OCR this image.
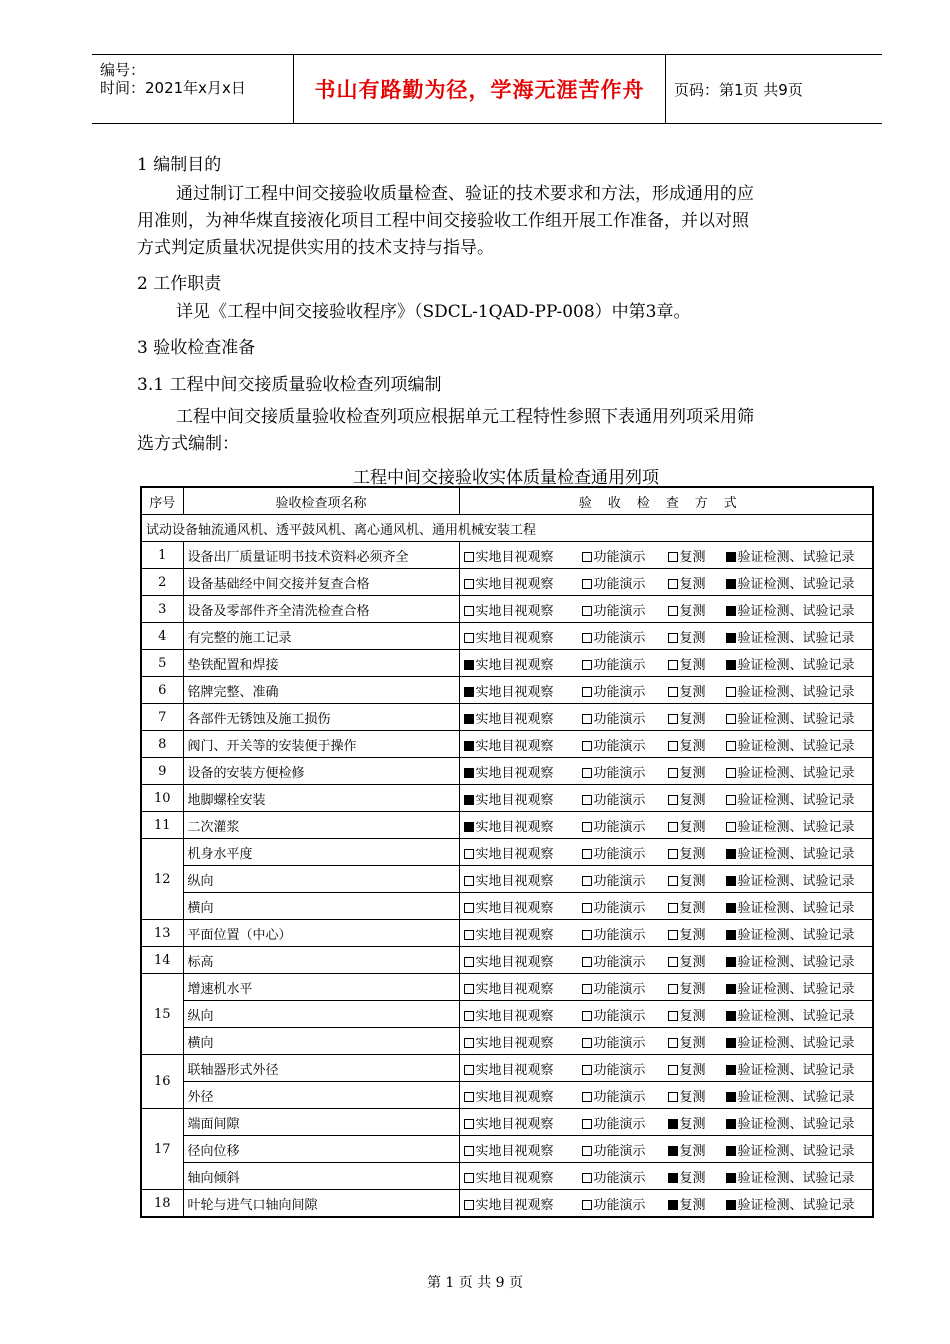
编号：
时间：2021年x月x日	书山有路勤为径，学海无涯苦作舟	页码：第1页 共9页
1 编制目的
通过制订工程中间交接验收质量检查、验证的技术要求和方法，形成通用的应
用准则，为神华煤直接液化项目工程中间交接验收工作组开展工作准备，并以对照
方式判定质量状况提供实用的技术支持与指导。
2 工作职责
详见《工程中间交接验收程序》（SDCL-1QAD-PP-008）中第3章。
3 验收检查准备
3.1 工程中间交接质量验收检查列项编制
工程中间交接质量验收检查列项应根据单元工程特性参照下表通用列项采用筛
选方式编制：
工程中间交接验收实体质量检查通用列项
序号	验收检查项名称	验收检查方式
试动设备轴流通风机、透平鼓风机、离心通风机、通用机械安装工程		
1	设备出厂质量证明书技术资料必须齐全	实地目视观察 功能演示 复测 验证检测、试验记录
2	设备基础经中间交接并复查合格	实地目视观察 功能演示 复测 验证检测、试验记录
3	设备及零部件齐全清洗检查合格	实地目视观察 功能演示 复测 验证检测、试验记录
4	有完整的施工记录	实地目视观察 功能演示 复测 验证检测、试验记录
5	垫铁配置和焊接	实地目视观察 功能演示 复测 验证检测、试验记录
6	铭牌完整、准确	实地目视观察 功能演示 复测 验证检测、试验记录
7	各部件无锈蚀及施工损伤	实地目视观察 功能演示 复测 验证检测、试验记录
8	阀门、开关等的安装便于操作	实地目视观察 功能演示 复测 验证检测、试验记录
9	设备的安装方便检修	实地目视观察 功能演示 复测 验证检测、试验记录
10	地脚螺栓安装	实地目视观察 功能演示 复测 验证检测、试验记录
11	二次灌浆	实地目视观察 功能演示 复测 验证检测、试验记录
12	机身水平度	实地目视观察 功能演示 复测 验证检测、试验记录
	纵向	实地目视观察 功能演示 复测 验证检测、试验记录
	横向	实地目视观察 功能演示 复测 验证检测、试验记录
13	平面位置（中心）	实地目视观察 功能演示 复测 验证检测、试验记录
14	标高	实地目视观察 功能演示 复测 验证检测、试验记录
15	增速机水平	实地目视观察 功能演示 复测 验证检测、试验记录
	纵向	实地目视观察 功能演示 复测 验证检测、试验记录
	横向	实地目视观察 功能演示 复测 验证检测、试验记录
16	联轴器形式外径	实地目视观察 功能演示 复测 验证检测、试验记录
	外径	实地目视观察 功能演示 复测 验证检测、试验记录
17	端面间隙	实地目视观察 功能演示 复测 验证检测、试验记录
	径向位移	实地目视观察 功能演示 复测 验证检测、试验记录
	轴向倾斜	实地目视观察 功能演示 复测 验证检测、试验记录
18	叶轮与进气口轴向间隙	实地目视观察 功能演示 复测 验证检测、试验记录
第 1 页 共 9 页
